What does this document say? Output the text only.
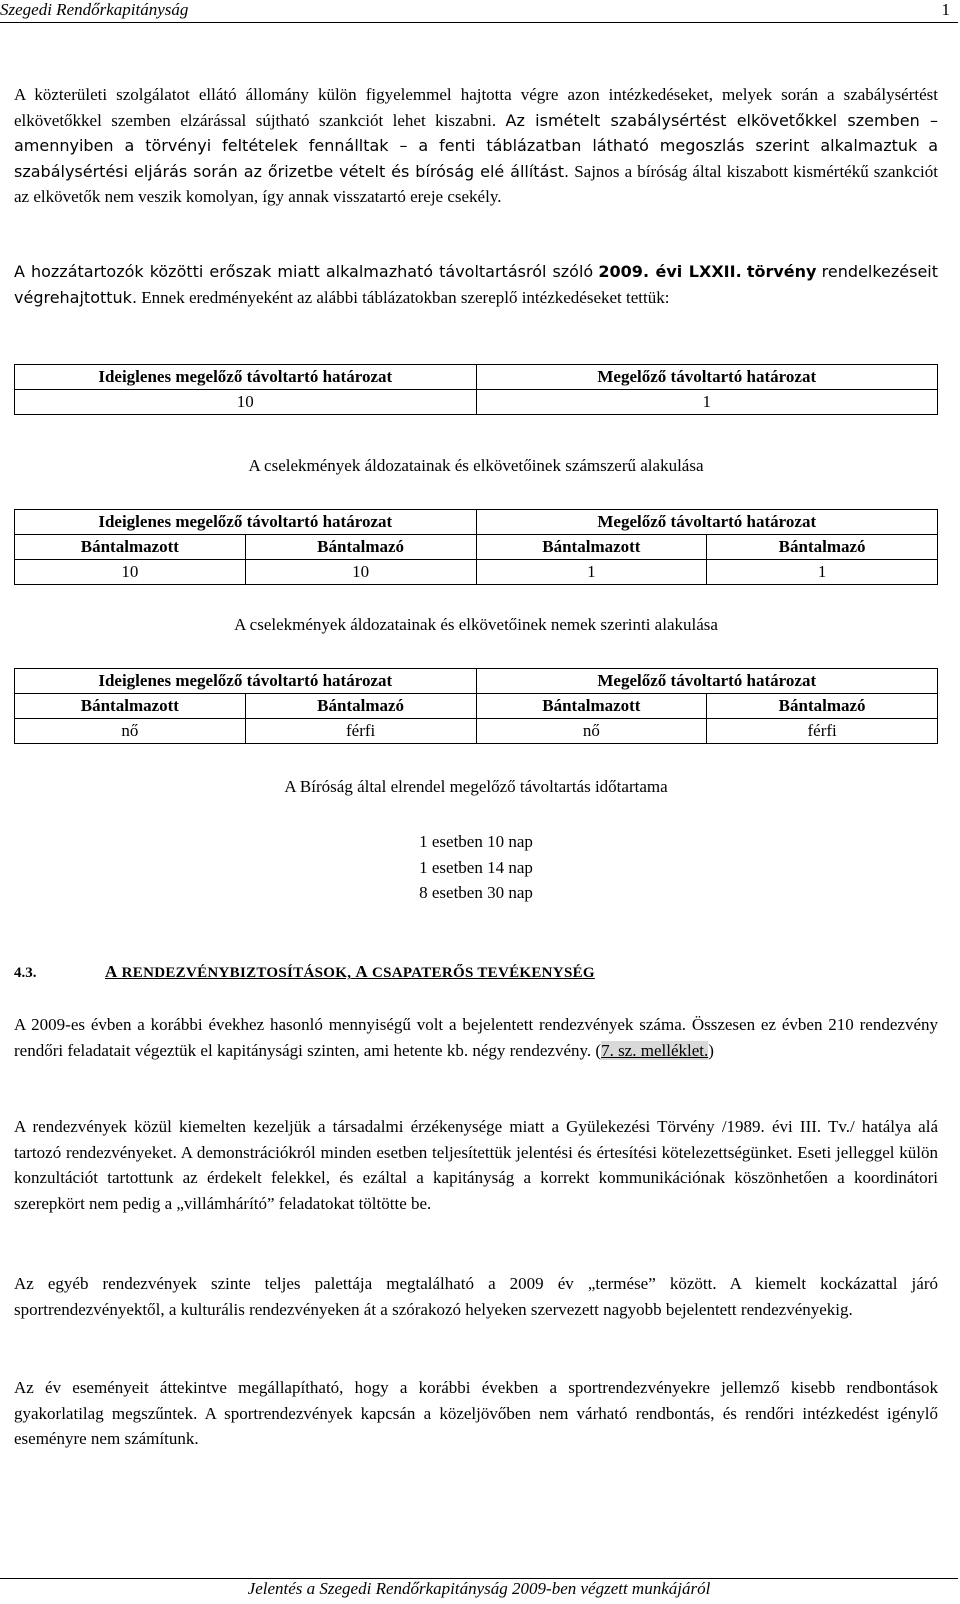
Szegedi Rendőrkapitányság	1

A közterületi szolgálatot ellátó állomány külön figyelemmel hajtotta végre azon intézkedéseket, melyek során a szabálysértést elkövetőkkel szemben elzárással sújtható szankciót lehet kiszabni. Az ismételt szabálysértést elkövetőkkel szemben – amennyiben a törvényi feltételek fennálltak – a fenti táblázatban látható megoszlás szerint alkalmaztuk a szabálysértési eljárás során az őrizetbe vételt és bíróság elé állítást. Sajnos a bíróság által kiszabott kismértékű szankciót az elkövetők nem veszik komolyan, így annak visszatartó ereje csekély.

A hozzátartozók közötti erőszak miatt alkalmazható távoltartásról szóló 2009. évi LXXII. törvény rendelkezéseit végrehajtottuk. Ennek eredményeként az alábbi táblázatokban szereplő intézkedéseket tettük:

Ideiglenes megelőző távoltartó határozat	Megelőző távoltartó határozat
10	1
A cselekmények áldozatainak és elkövetőinek számszerű alakulása
Ideiglenes megelőző távoltartó határozat		Megelőző távoltartó határozat	
Bántalmazott	Bántalmazó	Bántalmazott	Bántalmazó
10	10	1	1
A cselekmények áldozatainak és elkövetőinek nemek szerinti alakulása
Ideiglenes megelőző távoltartó határozat		Megelőző távoltartó határozat	
Bántalmazott	Bántalmazó	Bántalmazott	Bántalmazó
nő	férfi	nő	férfi
A Bíróság által elrendel megelőző távoltartás időtartama
1 esetben 10 nap
1 esetben 14 nap
8 esetben 30 nap
4.3.	A RENDEZVÉNYBIZTOSÍTÁSOK, A CSAPATERŐS TEVÉKENYSÉG

A 2009-es évben a korábbi évekhez hasonló mennyiségű volt a bejelentett rendezvények száma. Összesen ez évben 210 rendezvény rendőri feladatait végeztük el kapitánysági szinten, ami hetente kb. négy rendezvény. (7. sz. melléklet.)

A rendezvények közül kiemelten kezeljük a társadalmi érzékenysége miatt a Gyülekezési Törvény /1989. évi III. Tv./ hatálya alá tartozó rendezvényeket. A demonstrációkról minden esetben teljesítettük jelentési és értesítési kötelezettségünket. Eseti jelleggel külön konzultációt tartottunk az érdekelt felekkel, és ezáltal a kapitányság a korrekt kommunikációnak köszönhetően a koordinátori szerepkört nem pedig a „villámhárító” feladatokat töltötte be.

Az egyéb rendezvények szinte teljes palettája megtalálható a 2009 év „termése” között. A kiemelt kockázattal járó sportrendezvényektől, a kulturális rendezvényeken át a szórakozó helyeken szervezett nagyobb bejelentett rendezvényekig.

Az év eseményeit áttekintve megállapítható, hogy a korábbi években a sportrendezvényekre jellemző kisebb rendbontások gyakorlatilag megszűntek. A sportrendezvények kapcsán a közeljövőben nem várható rendbontás, és rendőri intézkedést igénylő eseményre nem számítunk.

Jelentés a Szegedi Rendőrkapitányság 2009-ben végzett munkájáról
